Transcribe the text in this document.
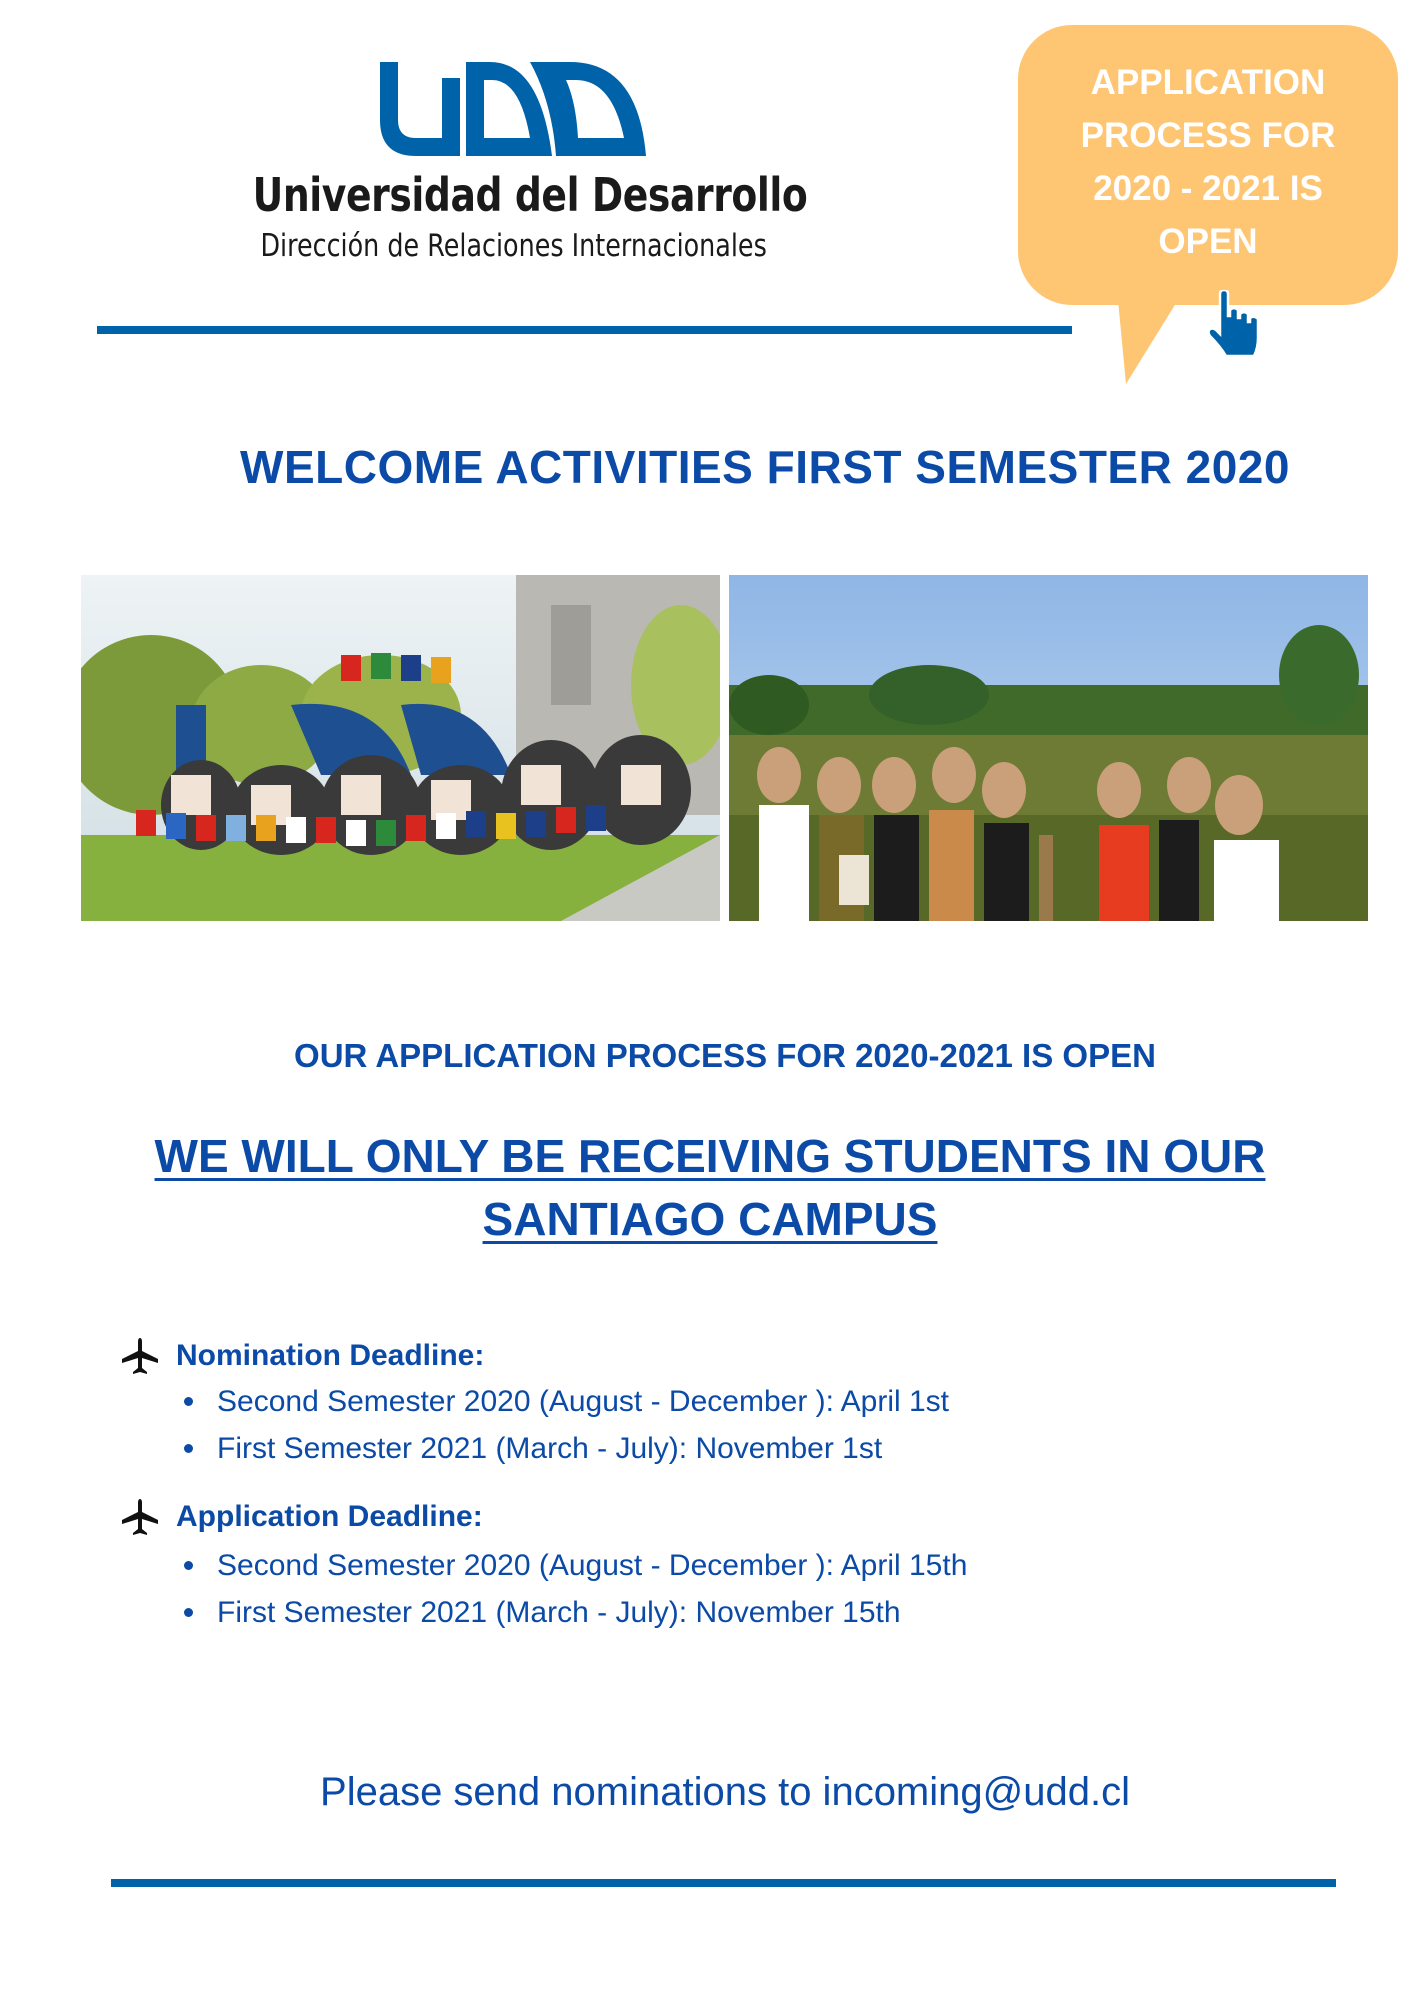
Universidad del Desarrollo
Dirección de Relaciones Internacionales
APPLICATION
PROCESS FOR
2020 - 2021 IS
OPEN
WELCOME ACTIVITIES FIRST SEMESTER 2020
OUR APPLICATION PROCESS FOR 2020-2021 IS OPEN
WE WILL ONLY BE RECEIVING STUDENTS IN OUR
SANTIAGO CAMPUS
Nomination Deadline:
Second Semester 2020 (August - December ): April 1st
First Semester 2021 (March - July): November 1st
Application Deadline:
Second Semester 2020 (August - December ): April 15th
First Semester 2021 (March - July): November 15th
Please send nominations to incoming@udd.cl
